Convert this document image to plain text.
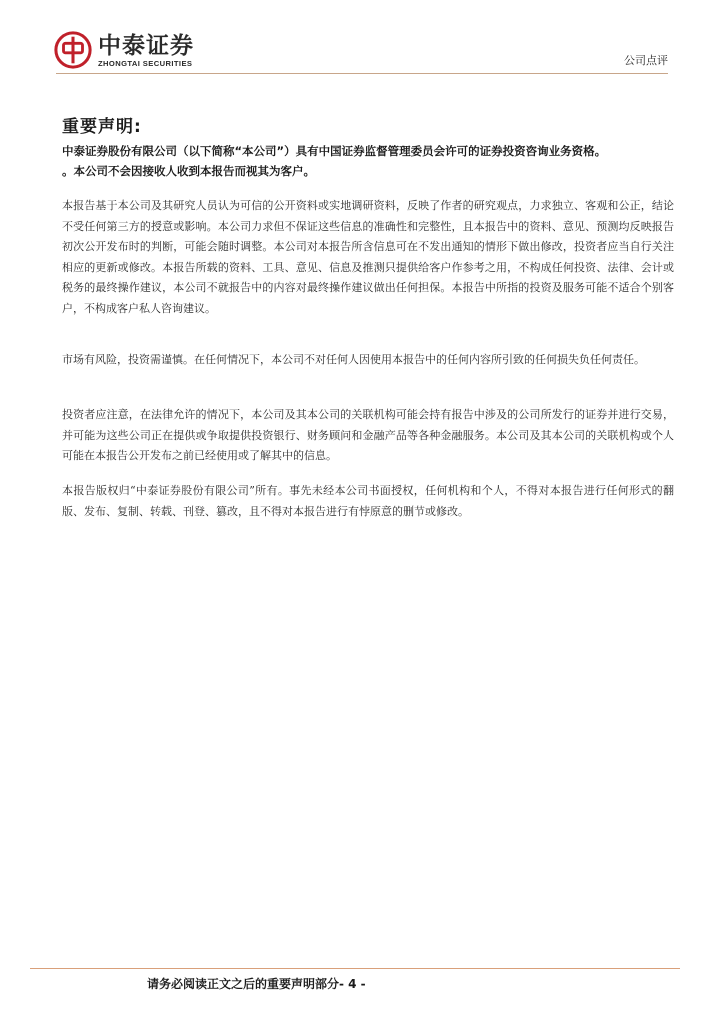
中泰证券
ZHONGTAI SECURITIES	公司点评
重要声明:
中泰证券股份有限公司（以下简称“本公司”）具有中国证券监督管理委员会许可的证券投资咨询业务资格。
。本公司不会因接收人收到本报告而视其为客户。

本报告基于本公司及其研究人员认为可信的公开资料或实地调研资料，反映了作者的研究观点，力求独立、客观和公正，结论不受任何第三方的授意或影响。本公司力求但不保证这些信息的准确性和完整性，且本报告中的资料、意见、预测均反映报告初次公开发布时的判断，可能会随时调整。本公司对本报告所含信息可在不发出通知的情形下做出修改，投资者应当自行关注相应的更新或修改。本报告所载的资料、工具、意见、信息及推测只提供给客户作参考之用，不构成任何投资、法律、会计或税务的最终操作建议，本公司不就报告中的内容对最终操作建议做出任何担保。本报告中所指的投资及服务可能不适合个别客户，不构成客户私人咨询建议。

市场有风险，投资需谨慎。在任何情况下，本公司不对任何人因使用本报告中的任何内容所引致的任何损失负任何责任。

投资者应注意，在法律允许的情况下，本公司及其本公司的关联机构可能会持有报告中涉及的公司所发行的证券并进行交易，并可能为这些公司正在提供或争取提供投资银行、财务顾问和金融产品等各种金融服务。本公司及其本公司的关联机构或个人可能在本报告公开发布之前已经使用或了解其中的信息。

本报告版权归“中泰证券股份有限公司”所有。事先未经本公司书面授权，任何机构和个人，不得对本报告进行任何形式的翻版、发布、复制、转载、刊登、篡改，且不得对本报告进行有悖原意的删节或修改。

请务必阅读正文之后的重要声明部分- 4 -
